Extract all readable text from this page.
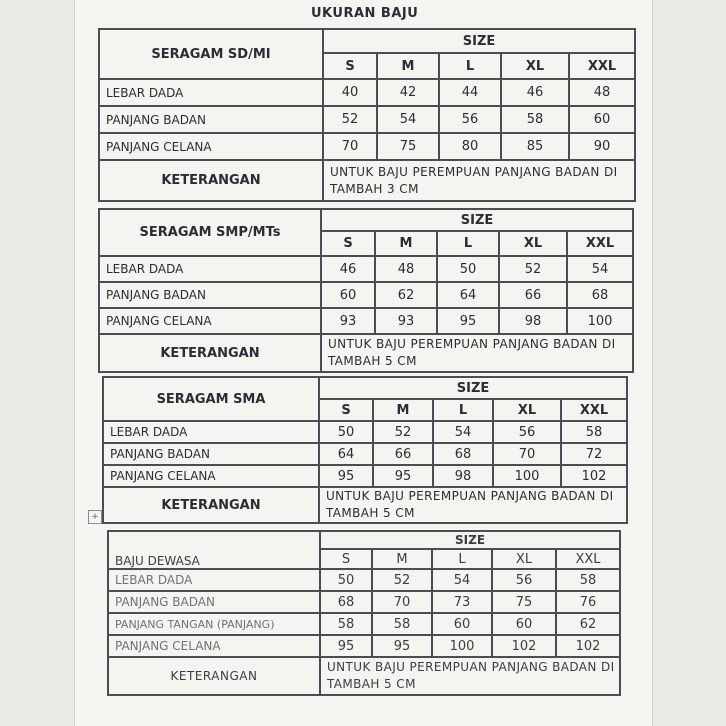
UKURAN BAJU
SERAGAM SD/MI	SIZE				
	S	M	L	XL	XXL
LEBAR DADA	40	42	44	46	48
PANJANG BADAN	52	54	56	58	60
PANJANG CELANA	70	75	80	85	90
KETERANGAN	UNTUK BAJU PEREMPUAN PANJANG BADAN DI TAMBAH 3 CM				
SERAGAM SMP/MTs	SIZE				
	S	M	L	XL	XXL
LEBAR DADA	46	48	50	52	54
PANJANG BADAN	60	62	64	66	68
PANJANG CELANA	93	93	95	98	100
KETERANGAN	UNTUK BAJU PEREMPUAN PANJANG BADAN DI TAMBAH 5 CM				
SERAGAM SMA	SIZE				
	S	M	L	XL	XXL
LEBAR DADA	50	52	54	56	58
PANJANG BADAN	64	66	68	70	72
PANJANG CELANA	95	95	98	100	102
KETERANGAN	UNTUK BAJU PEREMPUAN PANJANG BADAN DI TAMBAH 5 CM				
+
BAJU DEWASA	SIZE				
	S	M	L	XL	XXL
LEBAR DADA	50	52	54	56	58
PANJANG BADAN	68	70	73	75	76
PANJANG TANGAN (PANJANG)	58	58	60	60	62
PANJANG CELANA	95	95	100	102	102
KETERANGAN	UNTUK BAJU PEREMPUAN PANJANG BADAN DI TAMBAH 5 CM				
